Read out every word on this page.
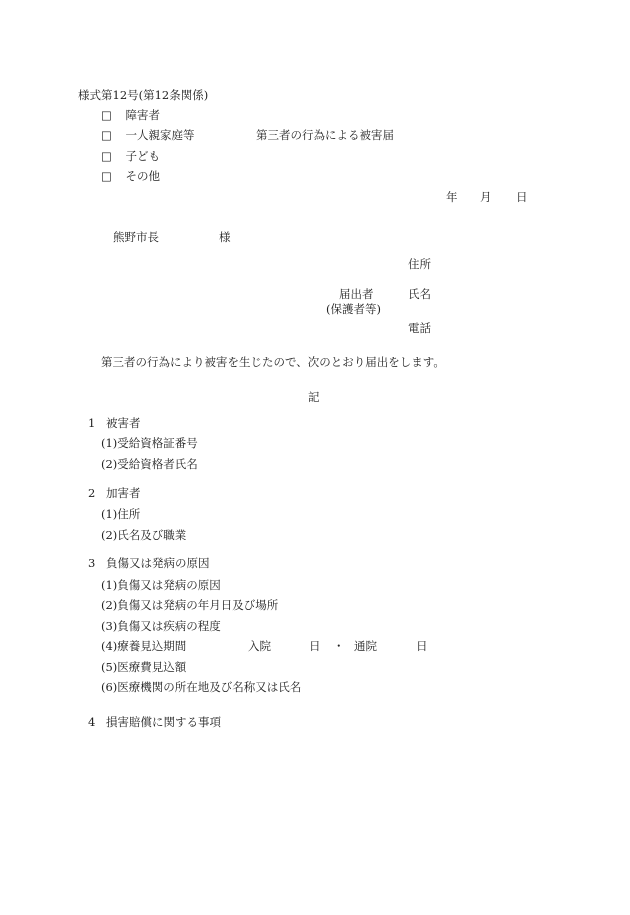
様式第12号(第12条関係)
□ 障害者
□ 一人親家庭等
□ 子ども
□ その他
第三者の行為による被害届
年 月 日
熊野市長	様
住所
届出者	氏名
(保護者等)
電話
第三者の行為により被害を生じたので、次のとおり届出をします。
記
1 被害者
(1)受給資格証番号
(2)受給資格者氏名
2 加害者
(1)住所
(2)氏名及び職業
3 負傷又は発病の原因
(1)負傷又は発病の原因
(2)負傷又は発病の年月日及び場所
(3)負傷又は疾病の程度
(4)療養見込期間	入院	日 ・ 通院	日
(5)医療費見込額
(6)医療機関の所在地及び名称又は氏名
4 損害賠償に関する事項
